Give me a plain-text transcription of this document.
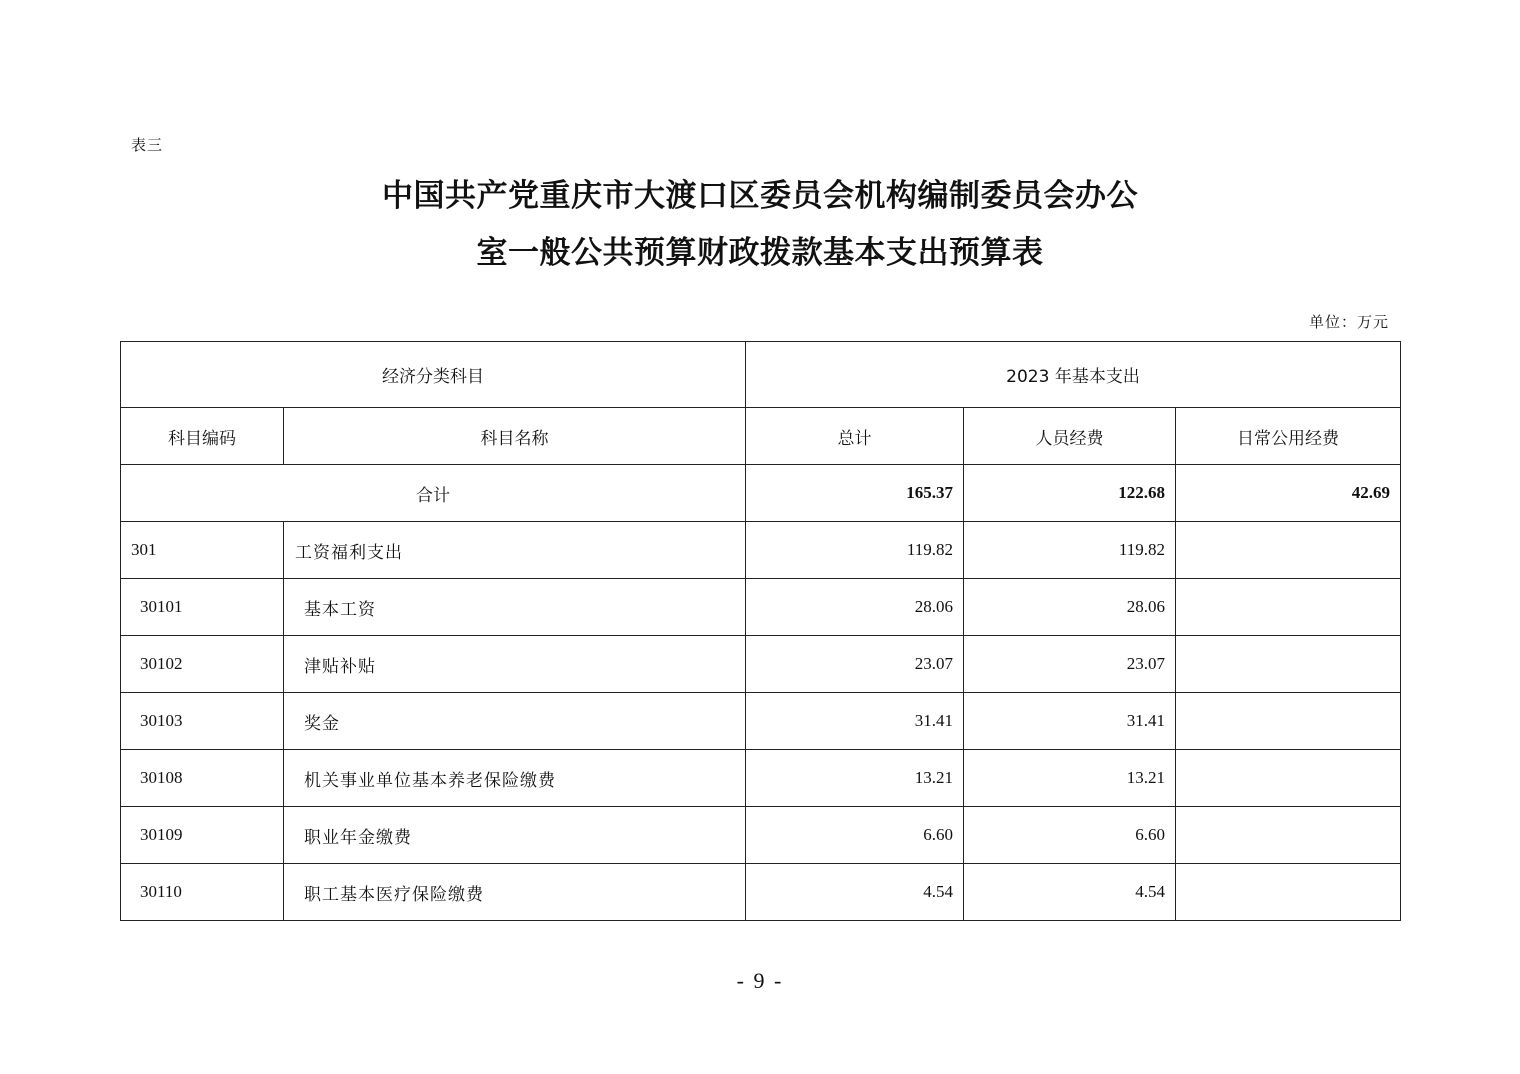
表三
中国共产党重庆市大渡口区委员会机构编制委员会办公
室一般公共预算财政拨款基本支出预算表
单位：万元
经济分类科目		2023 年基本支出		
科目编码	科目名称	总计	人员经费	日常公用经费
合计		165.37	122.68	42.69
301	工资福利支出	119.82	119.82	
30101	基本工资	28.06	28.06	
30102	津贴补贴	23.07	23.07	
30103	奖金	31.41	31.41	
30108	机关事业单位基本养老保险缴费	13.21	13.21	
30109	职业年金缴费	6.60	6.60	
30110	职工基本医疗保险缴费	4.54	4.54	
- 9 -
